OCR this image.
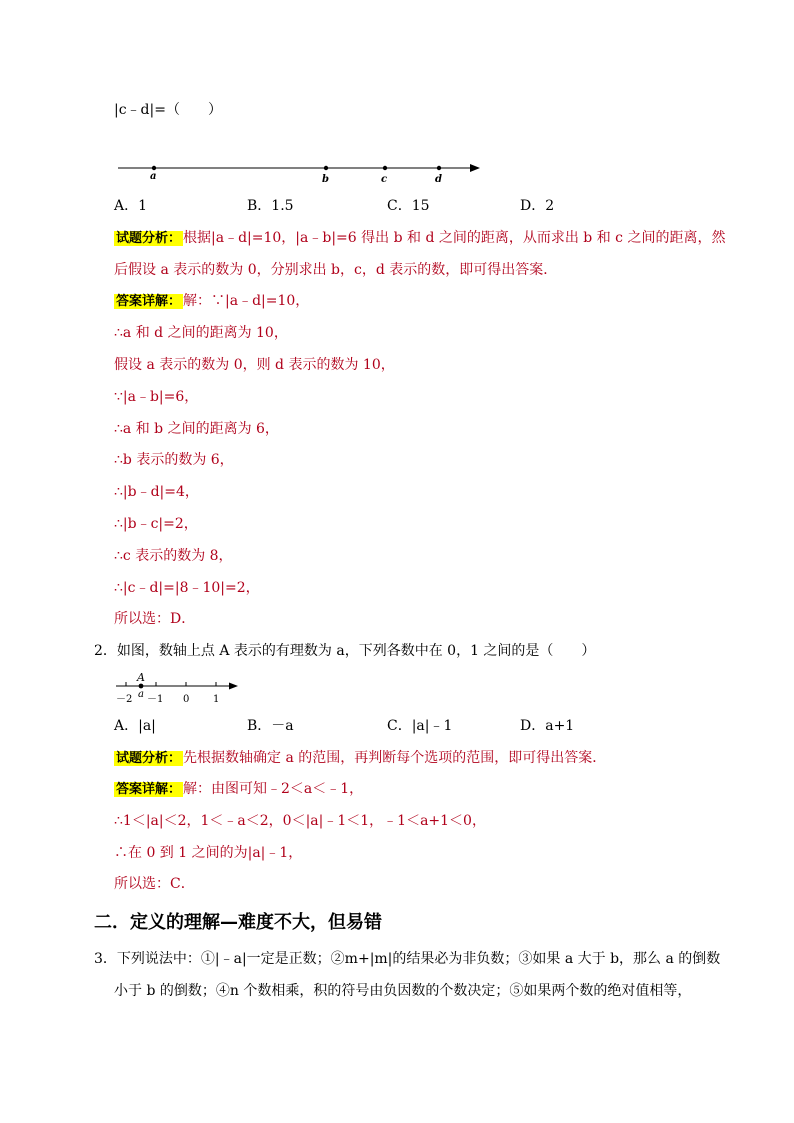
|c﹣d|=（　　）
a	b	c	d
A．1	B．1.5	C．15	D．2
试题分析： 根据|a﹣d|=10，|a﹣b|=6 得出 b 和 d 之间的距离，从而求出 b 和 c 之间的距离，然
后假设 a 表示的数为 0，分别求出 b，c，d 表示的数，即可得出答案．
答案详解： 解：∵|a﹣d|=10，
∴a 和 d 之间的距离为 10，
假设 a 表示的数为 0，则 d 表示的数为 10，
∵|a﹣b|=6，
∴a 和 b 之间的距离为 6，
∴b 表示的数为 6，
∴|b﹣d|=4，
∴|b﹣c|=2，
∴c 表示的数为 8，
∴|c﹣d|=|8﹣10|=2，
所以选：D．
2．如图，数轴上点 A 表示的有理数为 a，下列各数中在 0，1 之间的是（　　）
A
a
－2 －1 0 1
A．|a|	B．－a	C．|a|﹣1	D．a+1
试题分析： 先根据数轴确定 a 的范围，再判断每个选项的范围，即可得出答案．
答案详解： 解：由图可知﹣2＜a＜﹣1，
∴1＜|a|＜2，1＜﹣a＜2，0＜|a|﹣1＜1，﹣1＜a+1＜0，
∴在 0 到 1 之间的为|a|﹣1，
所以选：C．
二．定义的理解—难度不大，但易错
3．下列说法中：①|﹣a|一定是正数；②m+|m|的结果必为非负数；③如果 a 大于 b，那么 a 的倒数
小于 b 的倒数；④n 个数相乘，积的符号由负因数的个数决定；⑤如果两个数的绝对值相等，
